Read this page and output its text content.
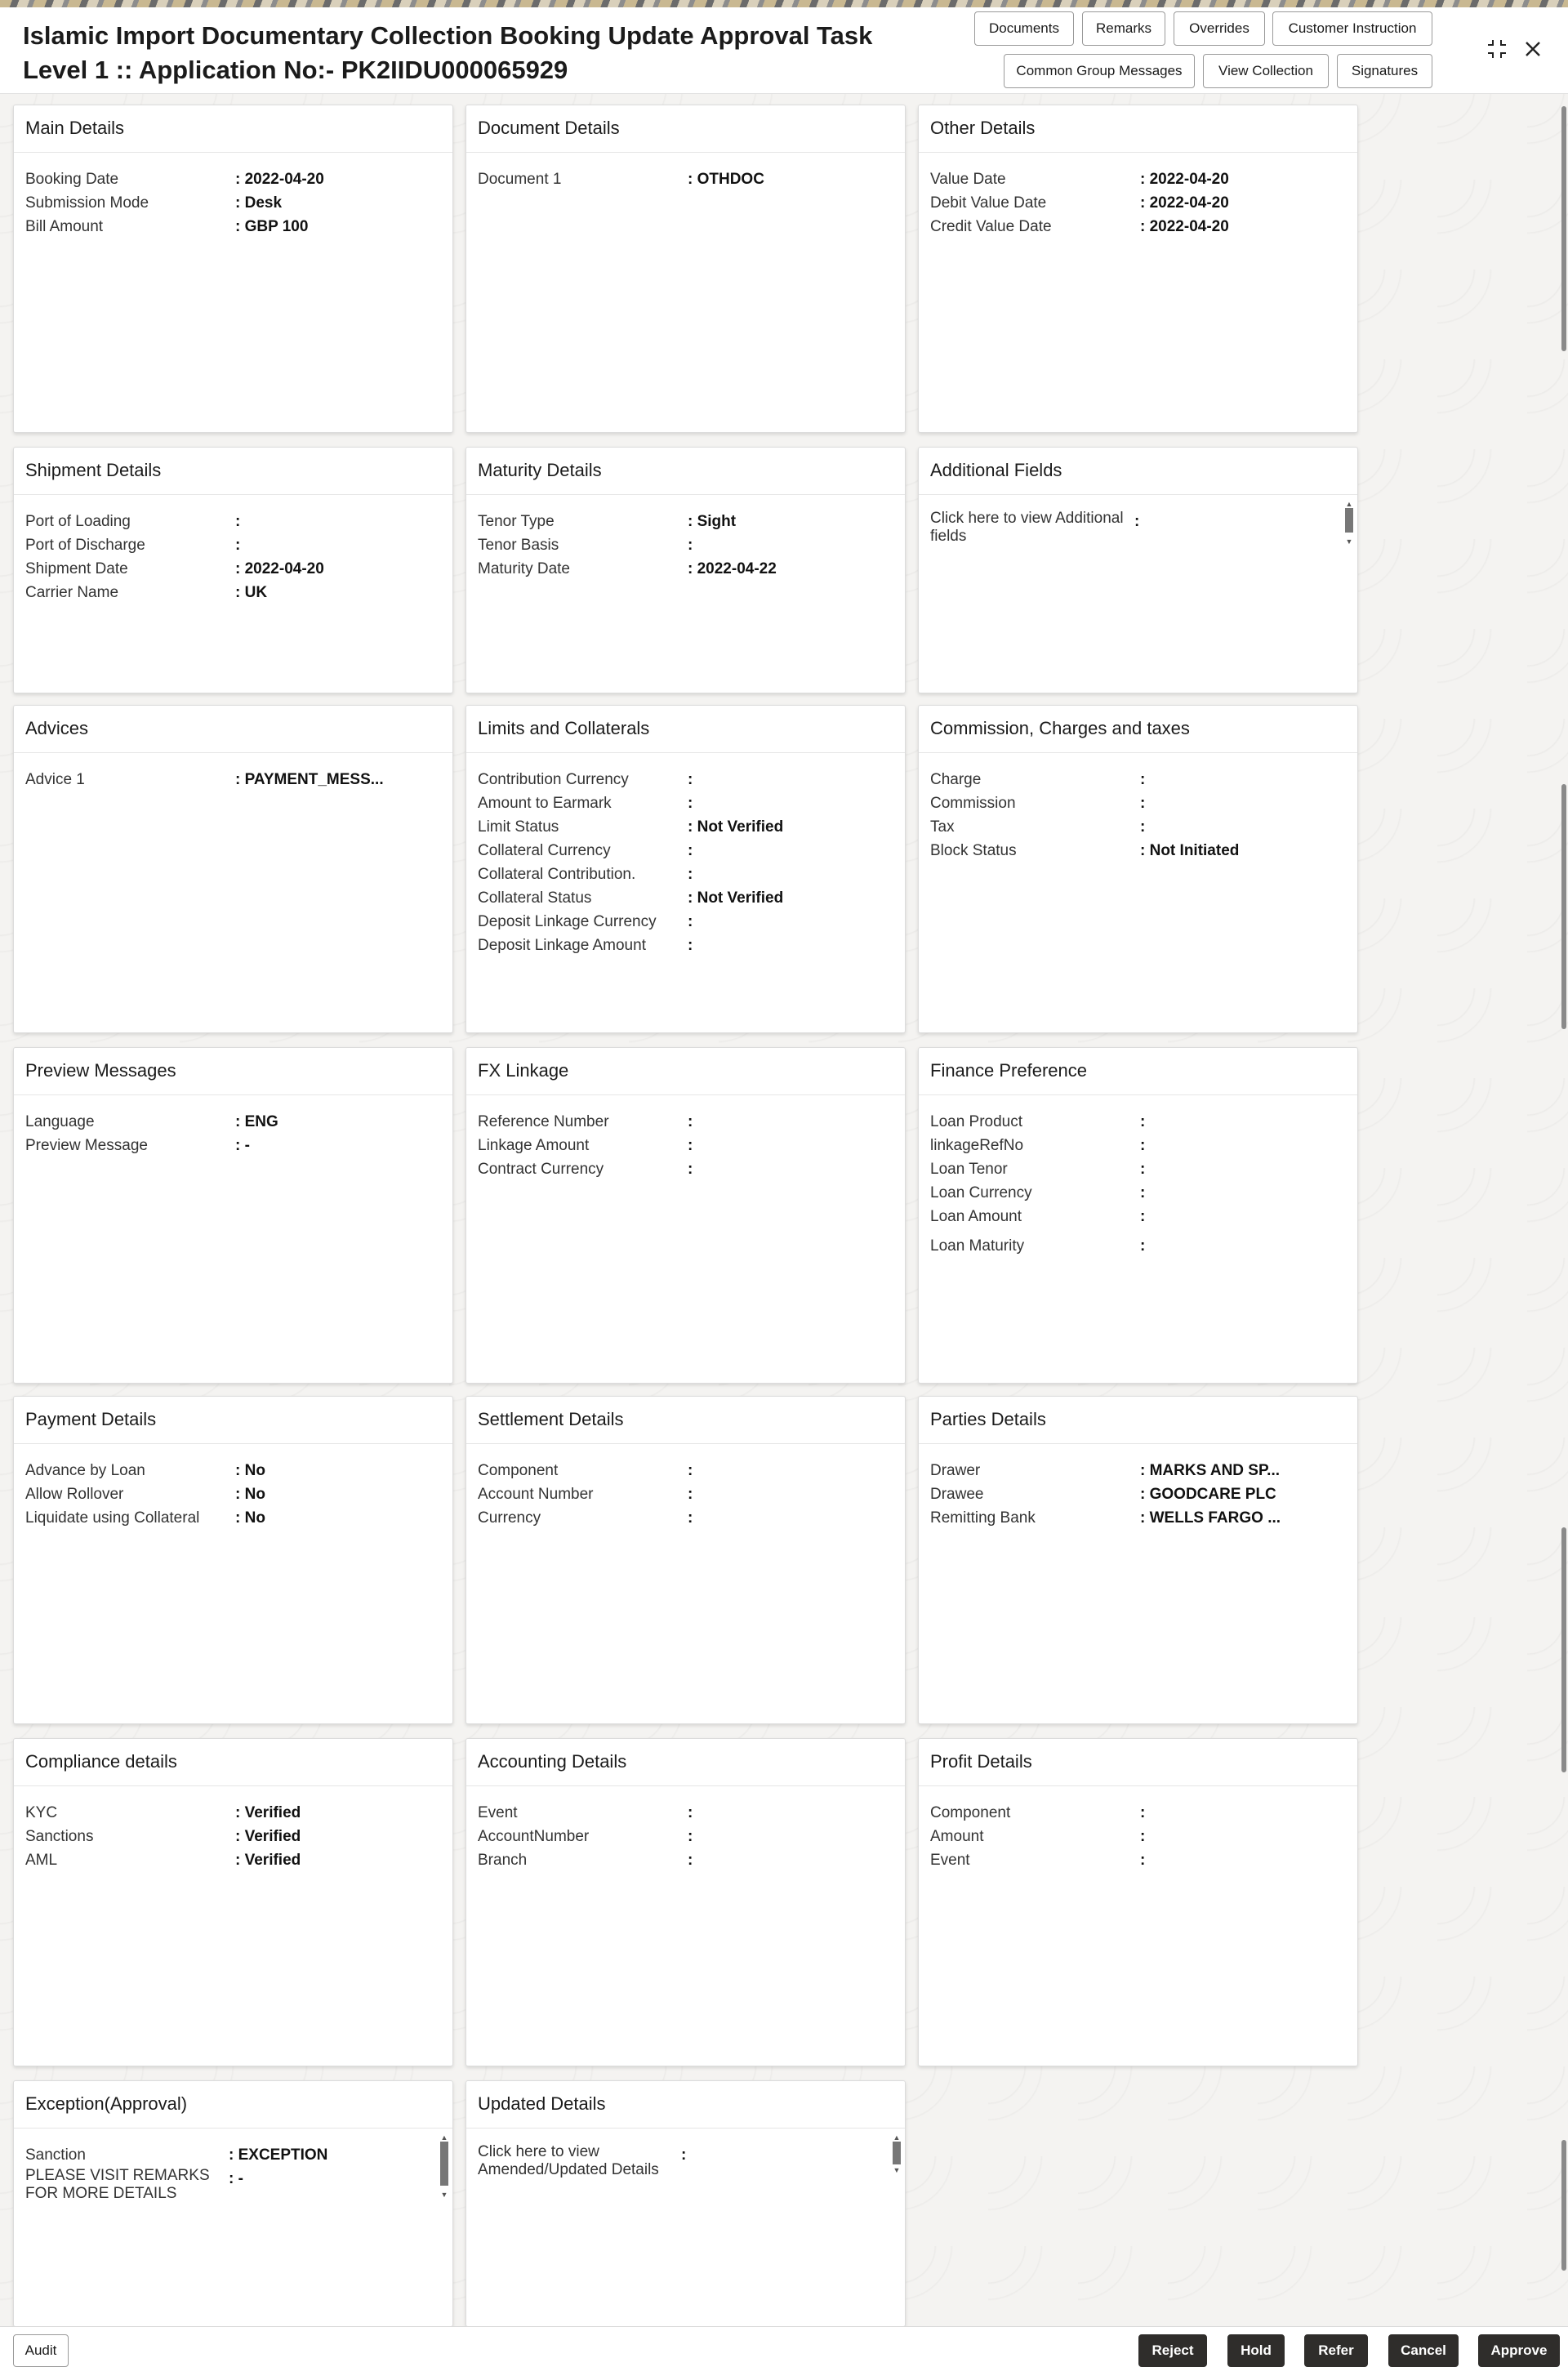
Islamic Import Documentary Collection Booking Update Approval Task
Level 1 :: Application No:- PK2IIDU000065929
Documents	Remarks	Overrides	Customer Instruction
Common Group Messages	View Collection	Signatures
Main Details
Booking Date	: 2022-04-20
Submission Mode	: Desk
Bill Amount	: GBP 100
Document Details
Document 1	: OTHDOC
Other Details
Value Date	: 2022-04-20
Debit Value Date	: 2022-04-20
Credit Value Date	: 2022-04-20
Shipment Details
Port of Loading	:
Port of Discharge	:
Shipment Date	: 2022-04-20
Carrier Name	: UK
Maturity Details
Tenor Type	: Sight
Tenor Basis	:
Maturity Date	: 2022-04-22
Additional Fields
▲
▼
Click here to view Additional fields
:
Advices
Advice 1	: PAYMENT_MESS...
Limits and Collaterals
Contribution Currency	:
Amount to Earmark	:
Limit Status	: Not Verified
Collateral Currency	:
Collateral Contribution.	:
Collateral Status	: Not Verified
Deposit Linkage Currency	:
Deposit Linkage Amount	:
Commission, Charges and taxes
Charge	:
Commission	:
Tax	:
Block Status	: Not Initiated
Preview Messages
Language	: ENG
Preview Message	: -
FX Linkage
Reference Number	:
Linkage Amount	:
Contract Currency	:
Finance Preference
Loan Product	:
linkageRefNo	:
Loan Tenor	:
Loan Currency	:
Loan Amount	:
Loan Maturity	:
Payment Details
Advance by Loan	: No
Allow Rollover	: No
Liquidate using Collateral	: No
Settlement Details
Component	:
Account Number	:
Currency	:
Parties Details
Drawer	: MARKS AND SP...
Drawee	: GOODCARE PLC
Remitting Bank	: WELLS FARGO ...
Compliance details
KYC	: Verified
Sanctions	: Verified
AML	: Verified
Accounting Details
Event	:
AccountNumber	:
Branch	:
Profit Details
Component	:
Amount	:
Event	:
Exception(Approval)
▲
▼
Sanction	: EXCEPTION
PLEASE VISIT REMARKS FOR MORE DETAILS
: -
Updated Details
▲
▼
Click here to view Amended/Updated Details
:
Audit	Reject	Hold	Refer	Cancel	Approve
